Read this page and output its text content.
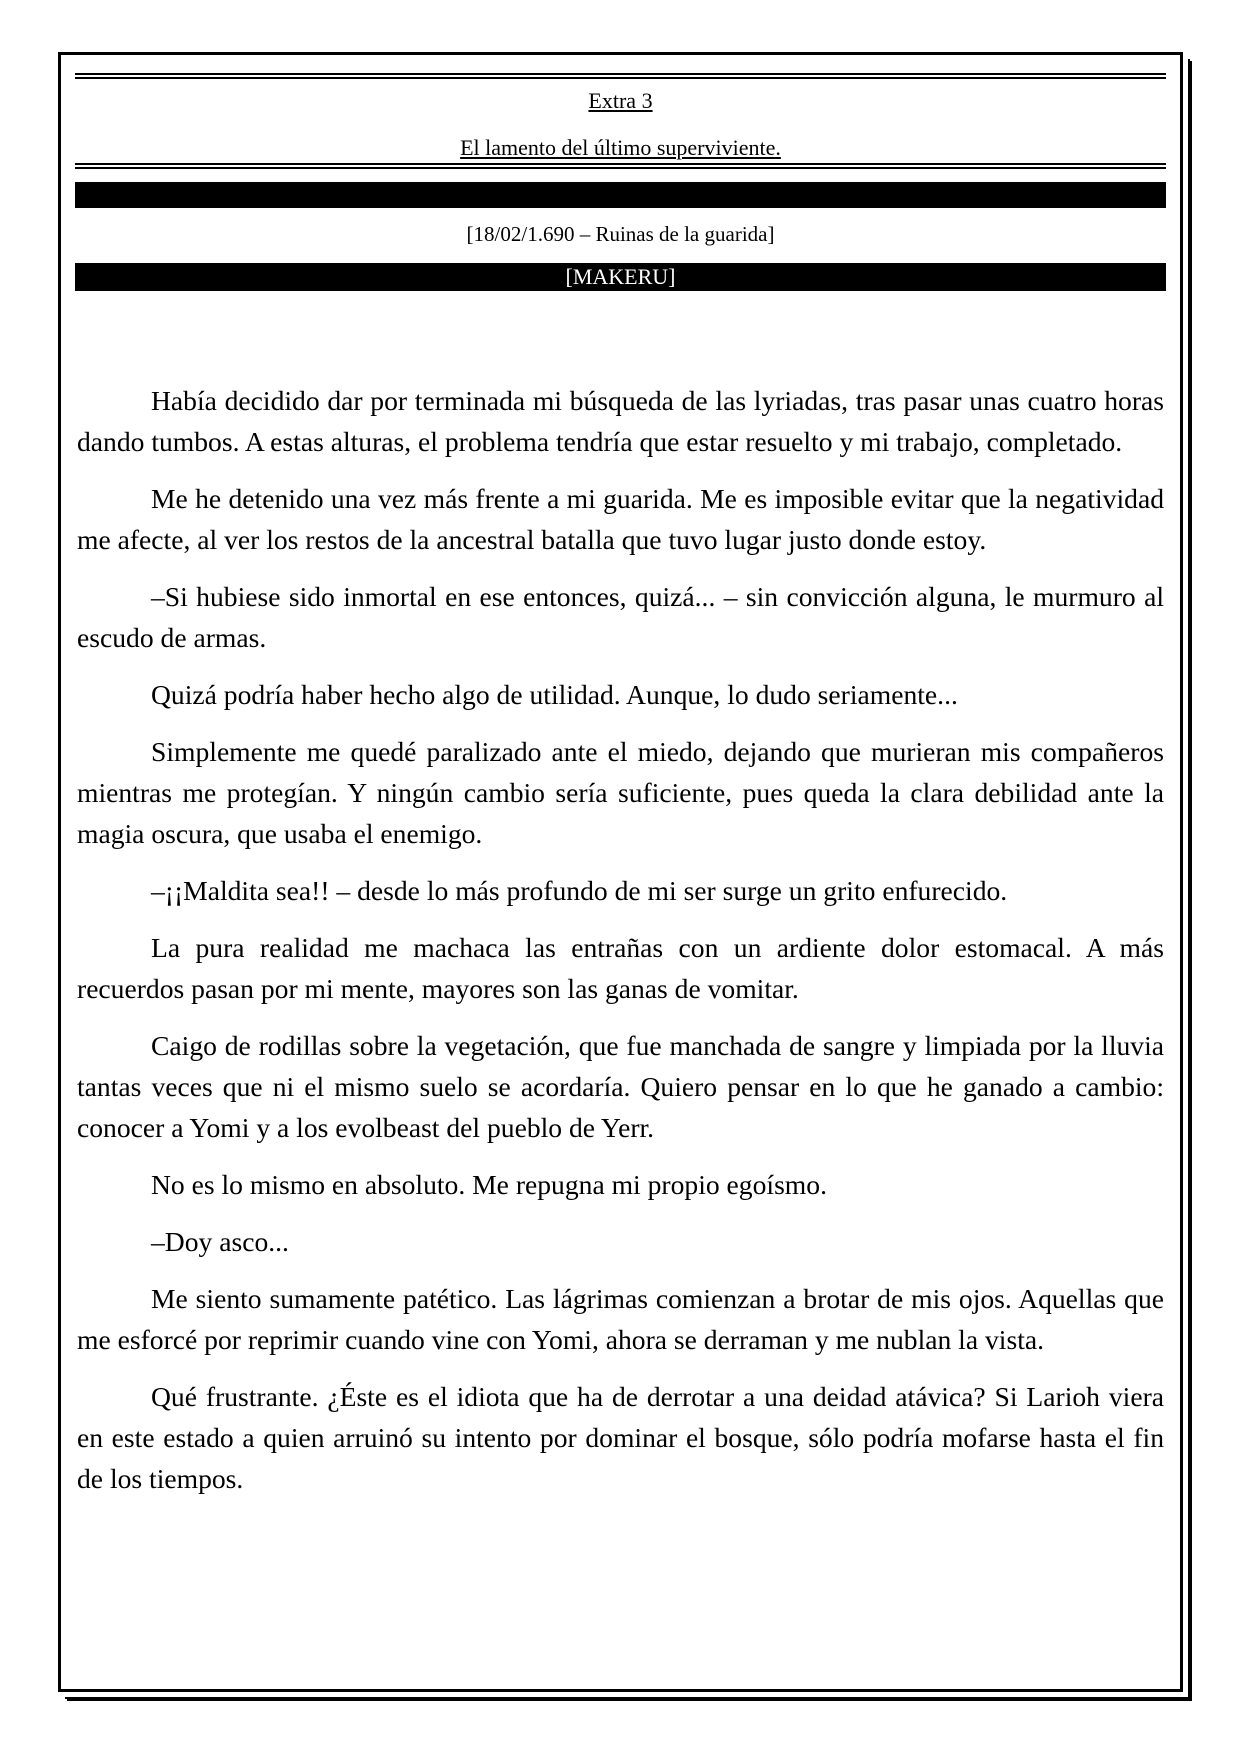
Extra 3
El lamento del último superviviente.
[18/02/1.690 – Ruinas de la guarida]
[MAKERU]

Había decidido dar por terminada mi búsqueda de las lyriadas, tras pasar unas cuatro horas dando tumbos. A estas alturas, el problema tendría que estar resuelto y mi trabajo, completado.

Me he detenido una vez más frente a mi guarida. Me es imposible evitar que la negatividad me afecte, al ver los restos de la ancestral batalla que tuvo lugar justo donde estoy.

–Si hubiese sido inmortal en ese entonces, quizá... – sin convicción alguna, le murmuro al escudo de armas.

Quizá podría haber hecho algo de utilidad. Aunque, lo dudo seriamente...

Simplemente me quedé paralizado ante el miedo, dejando que murieran mis compañeros mientras me protegían. Y ningún cambio sería suficiente, pues queda la clara debilidad ante la magia oscura, que usaba el enemigo.

–¡¡Maldita sea!! – desde lo más profundo de mi ser surge un grito enfurecido.

La pura realidad me machaca las entrañas con un ardiente dolor estomacal. A más recuerdos pasan por mi mente, mayores son las ganas de vomitar.

Caigo de rodillas sobre la vegetación, que fue manchada de sangre y limpiada por la lluvia tantas veces que ni el mismo suelo se acordaría. Quiero pensar en lo que he ganado a cambio: conocer a Yomi y a los evolbeast del pueblo de Yerr.

No es lo mismo en absoluto. Me repugna mi propio egoísmo.

–Doy asco...

Me siento sumamente patético. Las lágrimas comienzan a brotar de mis ojos. Aquellas que me esforcé por reprimir cuando vine con Yomi, ahora se derraman y me nublan la vista.

Qué frustrante. ¿Éste es el idiota que ha de derrotar a una deidad atávica? Si Larioh viera en este estado a quien arruinó su intento por dominar el bosque, sólo podría mofarse hasta el fin de los tiempos.
